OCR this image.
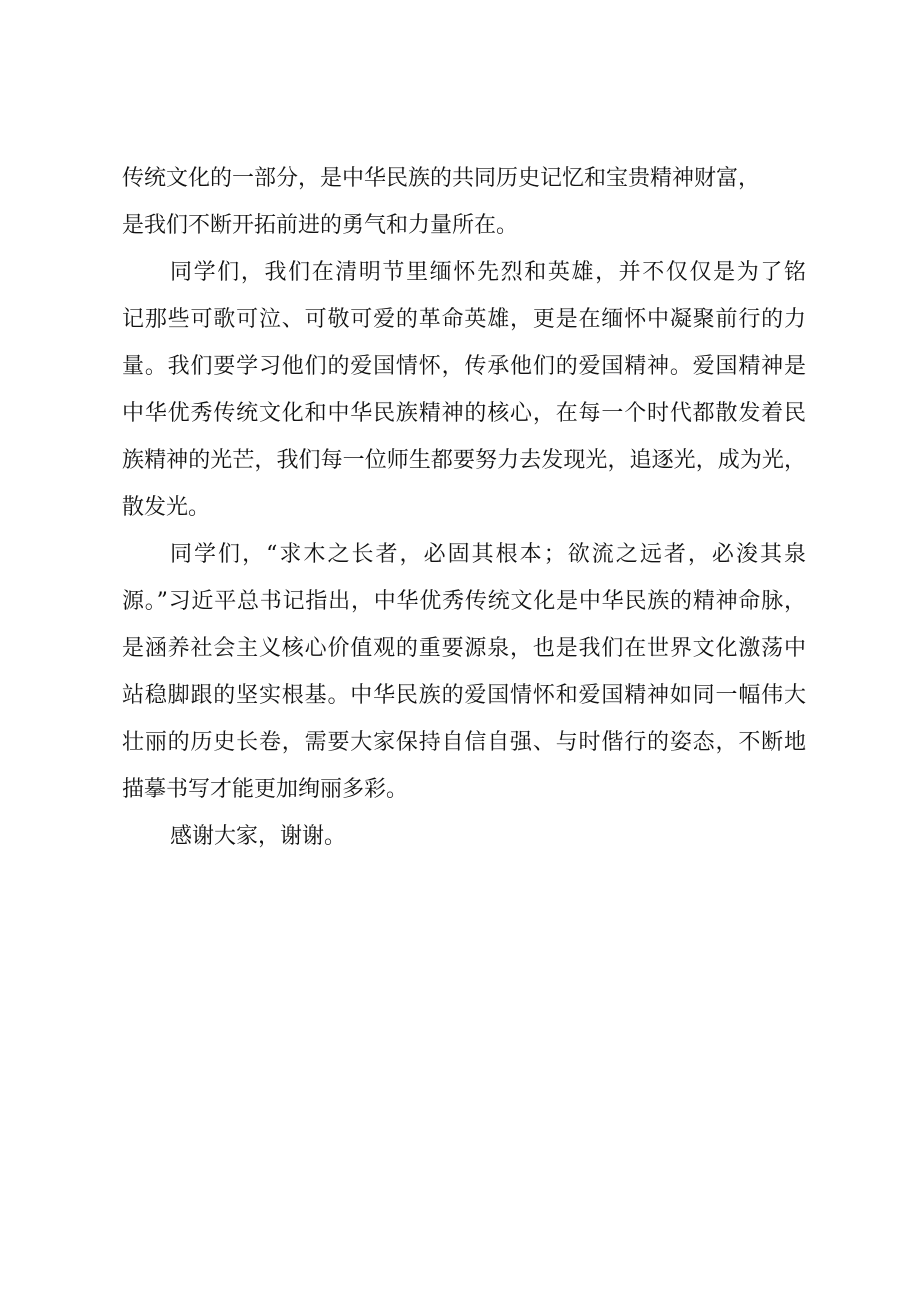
传统文化的一部分，是中华民族的共同历史记忆和宝贵精神财富，
是我们不断开拓前进的勇气和力量所在。
同学们，我们在清明节里缅怀先烈和英雄，并不仅仅是为了铭
记那些可歌可泣、可敬可爱的革命英雄，更是在缅怀中凝聚前行的力
量。我们要学习他们的爱国情怀，传承他们的爱国精神。爱国精神是
中华优秀传统文化和中华民族精神的核心，在每一个时代都散发着民
族精神的光芒，我们每一位师生都要努力去发现光，追逐光，成为光，
散发光。
同学们，“求木之长者，必固其根本；欲流之远者，必浚其泉
源。”习近平总书记指出，中华优秀传统文化是中华民族的精神命脉，
是涵养社会主义核心价值观的重要源泉，也是我们在世界文化激荡中
站稳脚跟的坚实根基。中华民族的爱国情怀和爱国精神如同一幅伟大
壮丽的历史长卷，需要大家保持自信自强、与时偕行的姿态，不断地
描摹书写才能更加绚丽多彩。
感谢大家，谢谢。
